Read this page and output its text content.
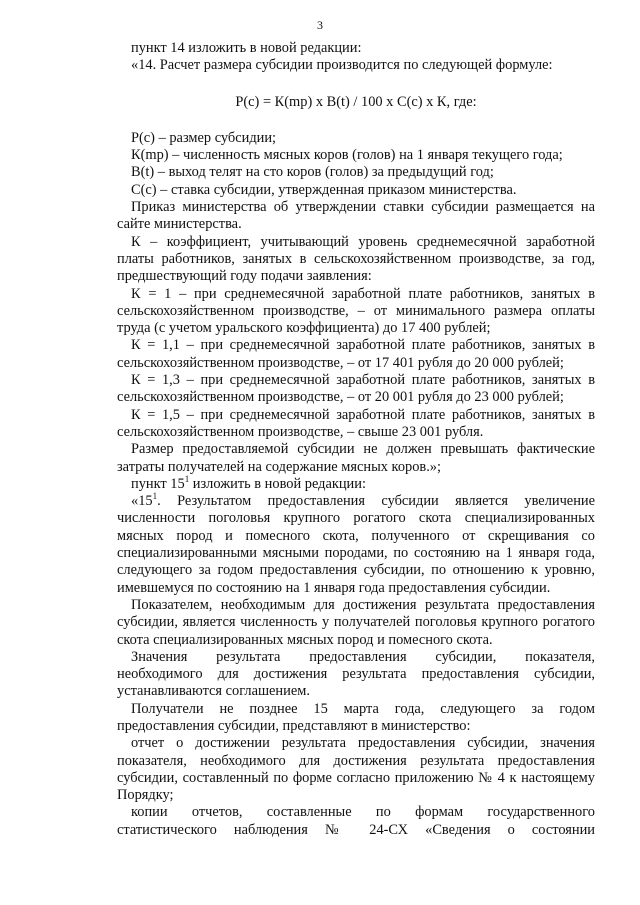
3

пункт 14 изложить в новой редакции:

«14. Расчет размера субсидии производится по следующей формуле:

Р(с) = К(mp) x В(t) / 100 x С(с) x К, где:

Р(с) – размер субсидии;

К(mp) – численность мясных коров (голов) на 1 января текущего года;

В(t) – выход телят на сто коров (голов) за предыдущий год;

С(с) – ставка субсидии, утвержденная приказом министерства.

Приказ министерства об утверждении ставки субсидии размещается на

сайте министерства.

К – коэффициент, учитывающий уровень среднемесячной заработной

платы работников, занятых в сельскохозяйственном производстве, за год,

предшествующий году подачи заявления:

К = 1 – при среднемесячной заработной плате работников, занятых в

сельскохозяйственном производстве, – от минимального размера оплаты

труда (с учетом уральского коэффициента) до 17 400 рублей;

К = 1,1 – при среднемесячной заработной плате работников, занятых в

сельскохозяйственном производстве, – от 17 401 рубля до 20 000 рублей;

К = 1,3 – при среднемесячной заработной плате работников, занятых в

сельскохозяйственном производстве, – от 20 001 рубля до 23 000 рублей;

К = 1,5 – при среднемесячной заработной плате работников, занятых в

сельскохозяйственном производстве, – свыше 23 001 рубля.

Размер предоставляемой субсидии не должен превышать фактические

затраты получателей на содержание мясных коров.»;

пункт $15^1$ изложить в новой редакции:

«$15^1$. Результатом предоставления субсидии является увеличение

численности поголовья крупного рогатого скота специализированных

мясных пород и помесного скота, полученного от скрещивания со

специализированными мясными породами, по состоянию на 1 января года,

следующего за годом предоставления субсидии, по отношению к уровню,

имевшемуся по состоянию на 1 января года предоставления субсидии.

Показателем, необходимым для достижения результата предоставления

субсидии, является численность у получателей поголовья крупного рогатого

скота специализированных мясных пород и помесного скота.

Значения результата предоставления субсидии, показателя,

необходимого для достижения результата предоставления субсидии,

устанавливаются соглашением.

Получатели не позднее 15 марта года, следующего за годом

предоставления субсидии, представляют в министерство:

отчет о достижении результата предоставления субсидии, значения

показателя, необходимого для достижения результата предоставления

субсидии, составленный по форме согласно приложению № 4 к настоящему

Порядку;

копии отчетов, составленные по формам государственного

статистического наблюдения № 24-СХ «Сведения о состоянии
